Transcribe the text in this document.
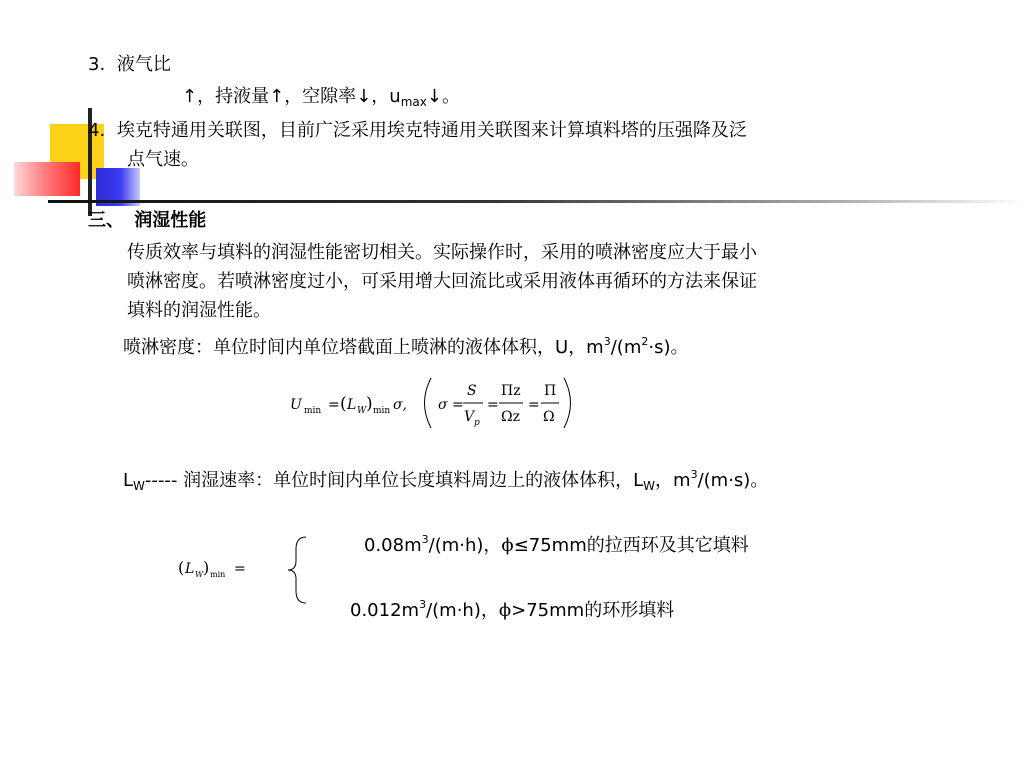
3. 液气比
↑，持液量↑，空隙率↓，$u_{max}↓$。
4. 埃克特通用关联图，目前广泛采用埃克特通用关联图来计算填料塔的压强降及泛
点气速。
三、 润湿性能
传质效率与填料的润湿性能密切相关。实际操作时，采用的喷淋密度应大于最小
喷淋密度。若喷淋密度过小，可采用增大回流比或采用液体再循环的方法来保证
填料的润湿性能。
喷淋密度：单位时间内单位塔截面上喷淋的液体体积，U，$m^3/(m^2\cdot s)$。
U min = ( L W ) min σ, σ =
S
V p
=
Πz
Ωz
=
Π
Ω
$L_W-----$ 润湿速率：单位时间内单位长度填料周边上的液体体积，$L_W$，$m^3/(m\cdot s)$。
( L W ) min =
$0.08m^3/(m\cdot h)$，ϕ≤75mm的拉西环及其它填料
$0.012m^3/(m\cdot h)$，ϕ>75mm的环形填料
